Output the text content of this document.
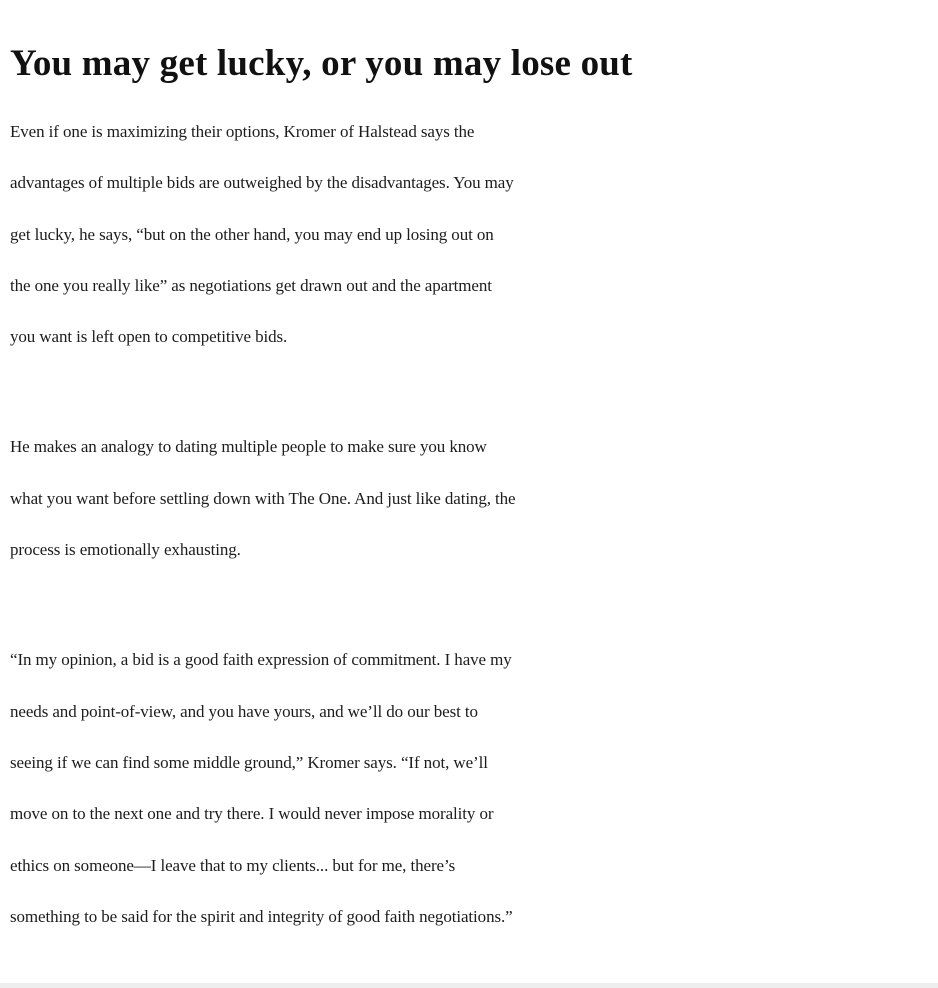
You may get lucky, or you may lose out

Even if one is maximizing their options, Kromer of Halstead says the
advantages of multiple bids are outweighed by the disadvantages. You may
get lucky, he says, “but on the other hand, you may end up losing out on
the one you really like” as negotiations get drawn out and the apartment
you want is left open to competitive bids.

He makes an analogy to dating multiple people to make sure you know
what you want before settling down with The One. And just like dating, the
process is emotionally exhausting.

“In my opinion, a bid is a good faith expression of commitment. I have my
needs and point-of-view, and you have yours, and we’ll do our best to
seeing if we can find some middle ground,” Kromer says. “If not, we’ll
move on to the next one and try there. I would never impose morality or
ethics on someone—I leave that to my clients... but for me, there’s
something to be said for the spirit and integrity of good faith negotiations.”
